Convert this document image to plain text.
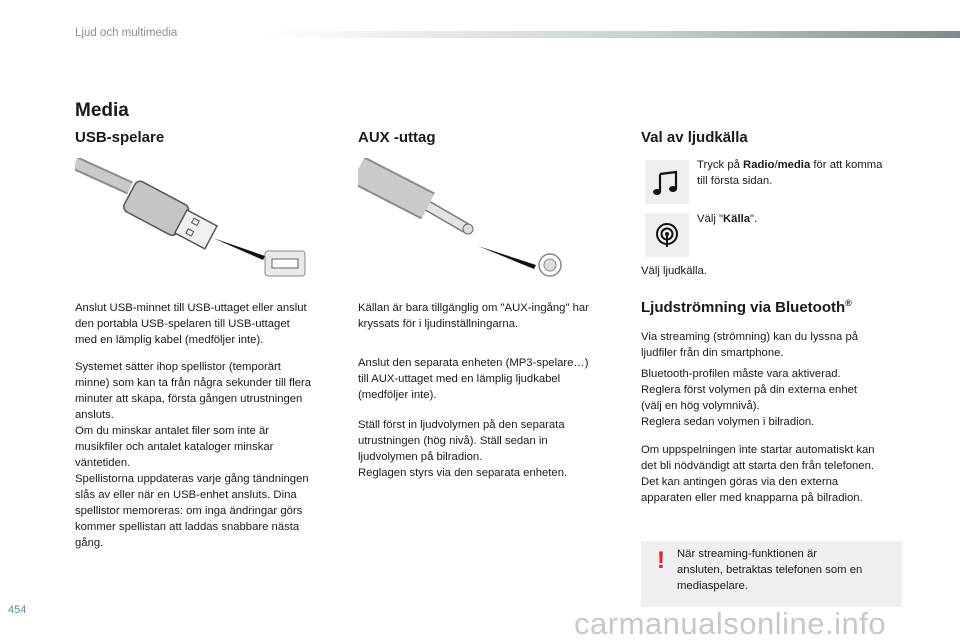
Ljud och multimedia
Media
USB-spelare
Anslut USB-minnet till USB-uttaget eller anslut
den portabla USB-spelaren till USB-uttaget
med en lämplig kabel (medföljer inte).
Systemet sätter ihop spellistor (temporärt
minne) som kan ta från några sekunder till flera
minuter att skapa, första gången utrustningen
ansluts.
Om du minskar antalet filer som inte är
musikfiler och antalet kataloger minskar
väntetiden.
Spellistorna uppdateras varje gång tändningen
slås av eller när en USB-enhet ansluts. Dina
spellistor memoreras: om inga ändringar görs
kommer spellistan att laddas snabbare nästa
gång.
AUX -uttag
Källan är bara tillgänglig om "AUX-ingång" har
kryssats för i ljudinställningarna.
Anslut den separata enheten (MP3-spelare…)
till AUX-uttaget med en lämplig ljudkabel
(medföljer inte).
Ställ först in ljudvolymen på den separata
utrustningen (hög nivå). Ställ sedan in
ljudvolymen på bilradion.
Reglagen styrs via den separata enheten.
Val av ljudkälla
Tryck på Radio/media för att komma
till första sidan.
Välj "Källa".
Välj ljudkälla.
Ljudströmning via Bluetooth®
Via streaming (strömning) kan du lyssna på
ljudfiler från din smartphone.
Bluetooth-profilen måste vara aktiverad.
Reglera först volymen på din externa enhet
(välj en hög volymnivå).
Reglera sedan volymen i bilradion.
Om uppspelningen inte startar automatiskt kan
det bli nödvändigt att starta den från telefonen.
Det kan antingen göras via den externa
apparaten eller med knapparna på bilradion.
! När streaming-funktionen är
ansluten, betraktas telefonen som en
mediaspelare.
454	carmanualsonline.info
